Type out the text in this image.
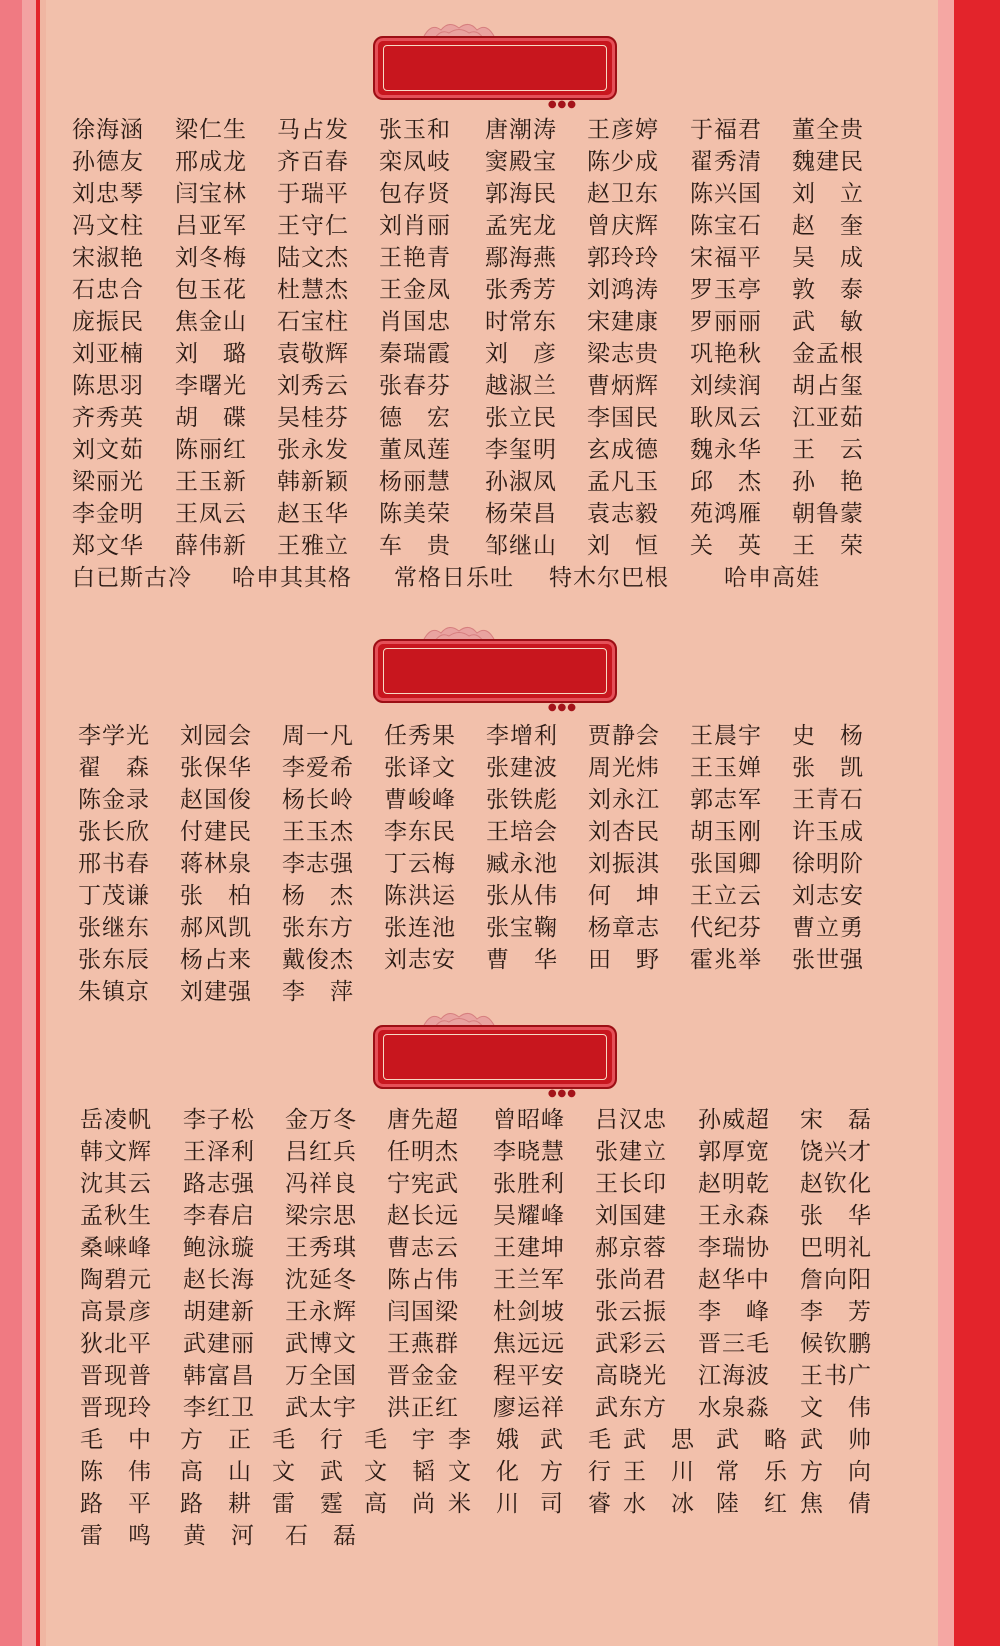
●●●
徐海涵 梁仁生 马占发 张玉和 唐潮涛 王彦婷 于福君 董全贵
孙德友 邢成龙 齐百春 栾凤岐 窦殿宝 陈少成 翟秀清 魏建民
刘忠琴 闫宝林 于瑞平 包存贤 郭海民 赵卫东 陈兴国 刘　立
冯文柱 吕亚军 王守仁 刘肖丽 孟宪龙 曾庆辉 陈宝石 赵　奎
宋淑艳 刘冬梅 陆文杰 王艳青 鄢海燕 郭玲玲 宋福平 吴　成
石忠合 包玉花 杜慧杰 王金凤 张秀芳 刘鸿涛 罗玉亭 敦　泰
庞振民 焦金山 石宝柱 肖国忠 时常东 宋建康 罗丽丽 武　敏
刘亚楠 刘　璐 袁敬辉 秦瑞霞 刘　彦 梁志贵 巩艳秋 金孟根
陈思羽 李曙光 刘秀云 张春芬 越淑兰 曹炳辉 刘续润 胡占玺
齐秀英 胡　碟 吴桂芬 德　宏 张立民 李国民 耿凤云 江亚茹
刘文茹 陈丽红 张永发 董凤莲 李玺明 玄成德 魏永华 王　云
梁丽光 王玉新 韩新颖 杨丽慧 孙淑凤 孟凡玉 邱　杰 孙　艳
李金明 王凤云 赵玉华 陈美荣 杨荣昌 袁志毅 苑鸿雁 朝鲁蒙
郑文华 薛伟新 王雅立 车　贵 邹继山 刘　恒 关　英 王　荣
白已斯古冷 哈申其其格 常格日乐吐 特木尔巴根 哈申高娃
●●●
李学光 刘园会 周一凡 任秀果 李增利 贾静会 王晨宇 史　杨
翟　森 张保华 李爱希 张译文 张建波 周光炜 王玉婵 张　凯
陈金录 赵国俊 杨长岭 曹峻峰 张铁彪 刘永江 郭志军 王青石
张长欣 付建民 王玉杰 李东民 王培会 刘杏民 胡玉刚 许玉成
邢书春 蒋林泉 李志强 丁云梅 臧永池 刘振淇 张国卿 徐明阶
丁茂谦 张　柏 杨　杰 陈洪运 张从伟 何　坤 王立云 刘志安
张继东 郝风凯 张东方 张连池 张宝鞠 杨章志 代纪芬 曹立勇
张东辰 杨占来 戴俊杰 刘志安 曹　华 田　野 霍兆举 张世强
朱镇京 刘建强 李　萍
●●●
岳凌帆 李子松 金万冬 唐先超 曾昭峰 吕汉忠 孙威超 宋　磊
韩文辉 王泽利 吕红兵 任明杰 李晓慧 张建立 郭厚宽 饶兴才
沈其云 路志强 冯祥良 宁宪武 张胜利 王长印 赵明乾 赵钦化
孟秋生 李春启 梁宗思 赵长远 吴耀峰 刘国建 王永森 张　华
桑崃峰 鲍泳璇 王秀琪 曹志云 王建坤 郝京蓉 李瑞协 巴明礼
陶碧元 赵长海 沈延冬 陈占伟 王兰军 张尚君 赵华中 詹向阳
高景彦 胡建新 王永辉 闫国梁 杜剑坡 张云振 李　峰 李　芳
狄北平 武建丽 武博文 王燕群 焦远远 武彩云 晋三毛 候钦鹏
晋现普 韩富昌 万全国 晋金金 程平安 高晓光 江海波 王书广
晋现玲 李红卫 武太宇 洪正红 廖运祥 武东方 水泉淼 文　伟
毛　中 方　正 毛　行 毛　宇 李　娥 武　毛 武　思 武　略 武　帅
陈　伟 高　山 文　武 文　韬 文　化 方　行 王　川 常　乐 方　向
路　平 路　耕 雷　霆 高　尚 米　川 司　睿 水　冰 陸　红 焦　倩
雷　鸣 黄　河 石　磊
